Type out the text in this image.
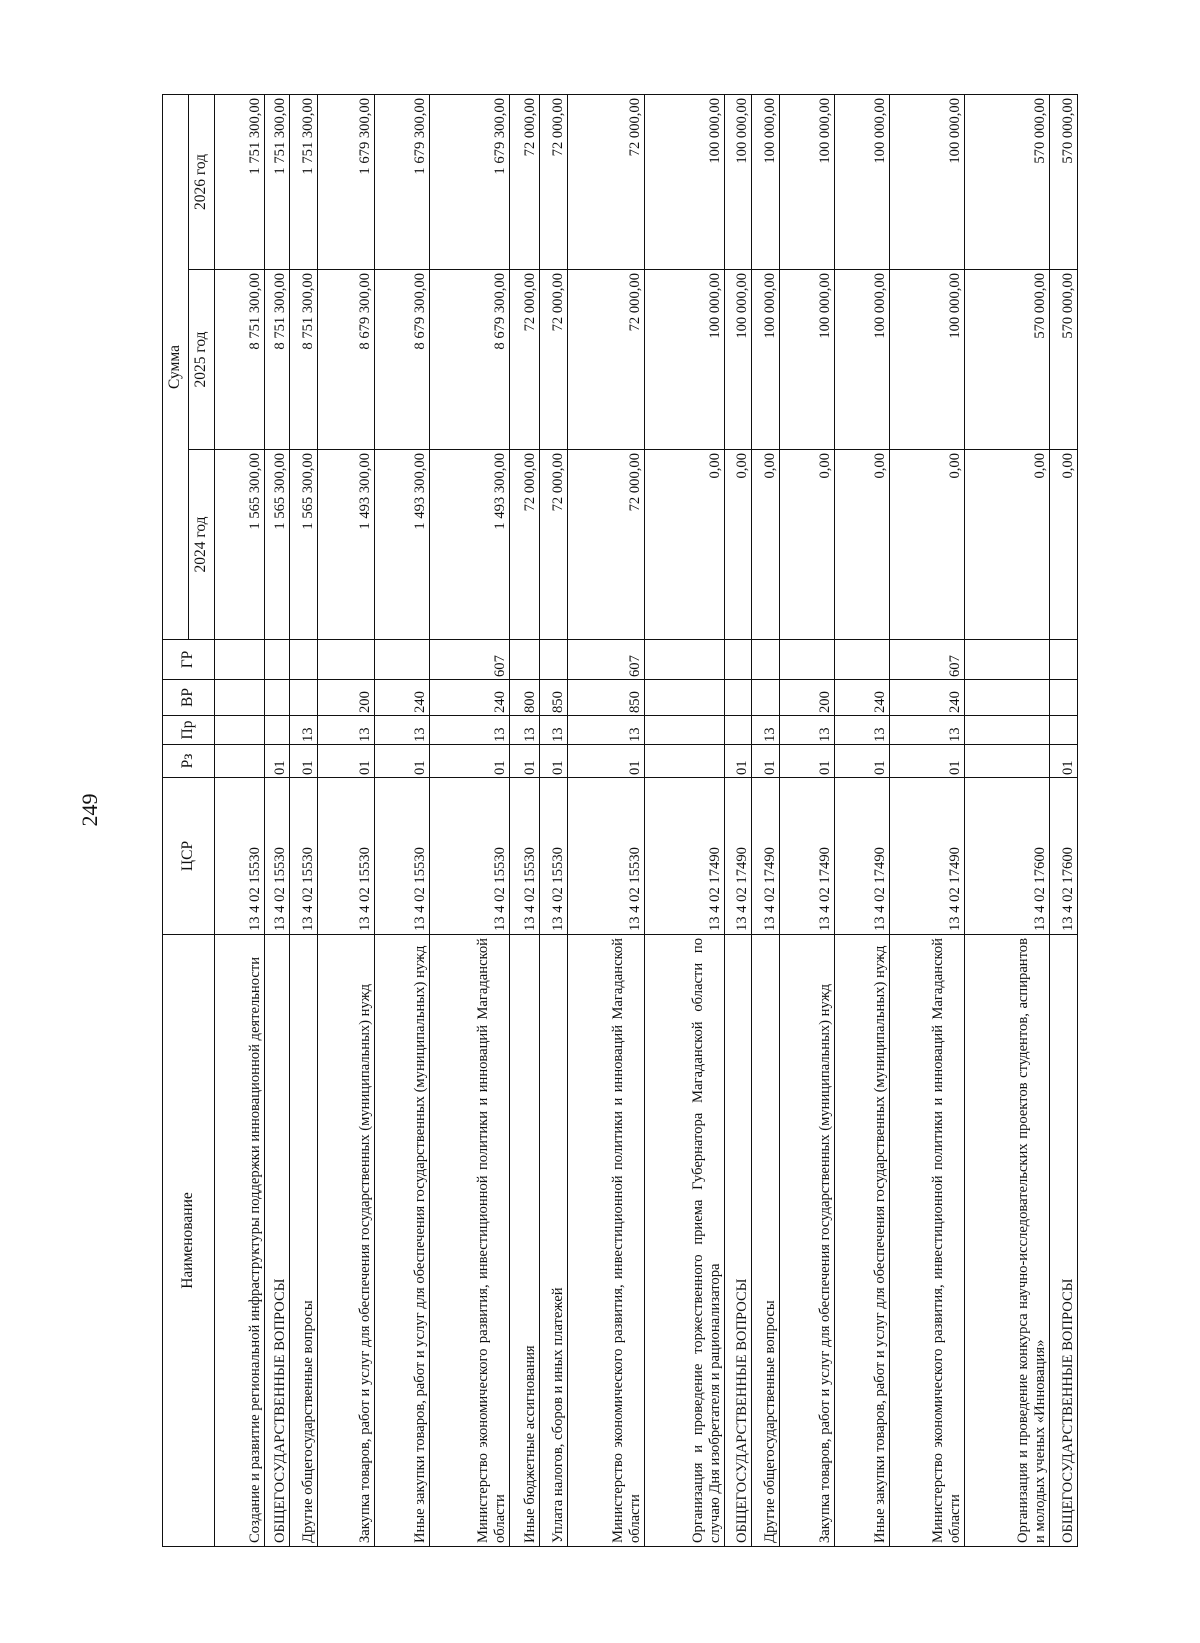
249
Наименование	ЦСР	Рз	Пр	ВР	ГР	Сумма		
						2024 год	2025 год	2026 год
Создание и развитие региональной инфраструктуры поддержки инновационной деятельности	13 4 02 15530					1 565 300,00	8 751 300,00	1 751 300,00
ОБЩЕГОСУДАРСТВЕННЫЕ ВОПРОСЫ	13 4 02 15530	01				1 565 300,00	8 751 300,00	1 751 300,00
Другие общегосударственные вопросы	13 4 02 15530	01	13			1 565 300,00	8 751 300,00	1 751 300,00
Закупка товаров, работ и услуг для обеспечения государственных (муниципальных) нужд	13 4 02 15530	01	13	200		1 493 300,00	8 679 300,00	1 679 300,00
Иные закупки товаров, работ и услуг для обеспечения государственных (муниципальных) нужд	13 4 02 15530	01	13	240		1 493 300,00	8 679 300,00	1 679 300,00
Министерство экономического развития, инвестиционной политики и инноваций Магаданской области	13 4 02 15530	01	13	240	607	1 493 300,00	8 679 300,00	1 679 300,00
Иные бюджетные ассигнования	13 4 02 15530	01	13	800		72 000,00	72 000,00	72 000,00
Уплата налогов, сборов и иных платежей	13 4 02 15530	01	13	850		72 000,00	72 000,00	72 000,00
Министерство экономического развития, инвестиционной политики и инноваций Магаданской области	13 4 02 15530	01	13	850	607	72 000,00	72 000,00	72 000,00
Организация и проведение торжественного приема Губернатора Магаданской области по случаю Дня изобретателя и рационализатора	13 4 02 17490					0,00	100 000,00	100 000,00
ОБЩЕГОСУДАРСТВЕННЫЕ ВОПРОСЫ	13 4 02 17490	01				0,00	100 000,00	100 000,00
Другие общегосударственные вопросы	13 4 02 17490	01	13			0,00	100 000,00	100 000,00
Закупка товаров, работ и услуг для обеспечения государственных (муниципальных) нужд	13 4 02 17490	01	13	200		0,00	100 000,00	100 000,00
Иные закупки товаров, работ и услуг для обеспечения государственных (муниципальных) нужд	13 4 02 17490	01	13	240		0,00	100 000,00	100 000,00
Министерство экономического развития, инвестиционной политики и инноваций Магаданской области	13 4 02 17490	01	13	240	607	0,00	100 000,00	100 000,00
Организация и проведение конкурса научно-исследовательских проектов студентов, аспирантов и молодых ученых «Инновация»	13 4 02 17600					0,00	570 000,00	570 000,00
ОБЩЕГОСУДАРСТВЕННЫЕ ВОПРОСЫ	13 4 02 17600	01				0,00	570 000,00	570 000,00
